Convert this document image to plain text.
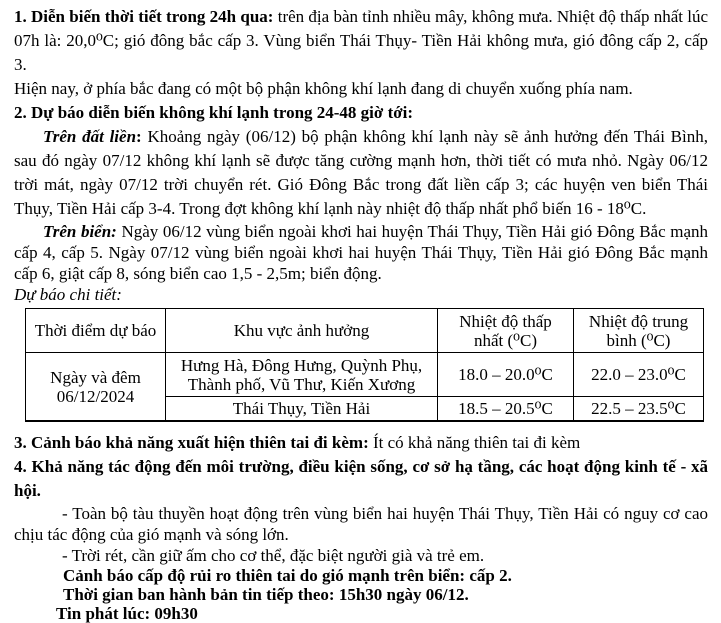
1. Diễn biến thời tiết trong 24h qua: trên địa bàn tỉnh nhiều mây, không mưa. Nhiệt độ thấp nhất lúc 07h là: 20,0⁰C; gió đông bắc cấp 3. Vùng biển Thái Thụy- Tiền Hải không mưa, gió đông cấp 2, cấp 3.

Hiện nay, ở phía bắc đang có một bộ phận không khí lạnh đang di chuyển xuống phía nam.

2. Dự báo diễn biến không khí lạnh trong 24-48 giờ tới:

Trên đất liền: Khoảng ngày (06/12) bộ phận không khí lạnh này sẽ ảnh hưởng đến Thái Bình, sau đó ngày 07/12 không khí lạnh sẽ được tăng cường mạnh hơn, thời tiết có mưa nhỏ. Ngày 06/12 trời mát, ngày 07/12 trời chuyển rét. Gió Đông Bắc trong đất liền cấp 3; các huyện ven biển Thái Thụy, Tiền Hải cấp 3-4. Trong đợt không khí lạnh này nhiệt độ thấp nhất phổ biến 16 - 18⁰C.

Trên biển: Ngày 06/12 vùng biển ngoài khơi hai huyện Thái Thụy, Tiền Hải gió Đông Bắc mạnh cấp 4, cấp 5. Ngày 07/12 vùng biển ngoài khơi hai huyện Thái Thụy, Tiền Hải gió Đông Bắc mạnh cấp 6, giật cấp 8, sóng biển cao 1,5 - 2,5m; biển động.

Dự báo chi tiết:

Thời điểm dự báo	Khu vực ảnh hưởng	Nhiệt độ thấp nhất (⁰C)	Nhiệt độ trung bình (⁰C)
Ngày và đêm 06/12/2024	Hưng Hà, Đông Hưng, Quỳnh Phụ, Thành phố, Vũ Thư, Kiến Xương	18.0 – 20.0⁰C	22.0 – 23.0⁰C
	Thái Thụy, Tiền Hải	18.5 – 20.5⁰C	22.5 – 23.5⁰C

3. Cảnh báo khả năng xuất hiện thiên tai đi kèm: Ít có khả năng thiên tai đi kèm

4. Khả năng tác động đến môi trường, điều kiện sống, cơ sở hạ tầng, các hoạt động kinh tế - xã hội.

- Toàn bộ tàu thuyền hoạt động trên vùng biển hai huyện Thái Thụy, Tiền Hải có nguy cơ cao chịu tác động của gió mạnh và sóng lớn.

- Trời rét, cần giữ ấm cho cơ thể, đặc biệt người già và trẻ em.

Cảnh báo cấp độ rủi ro thiên tai do gió mạnh trên biển: cấp 2.

Thời gian ban hành bản tin tiếp theo: 15h30 ngày 06/12.

Tin phát lúc: 09h30
